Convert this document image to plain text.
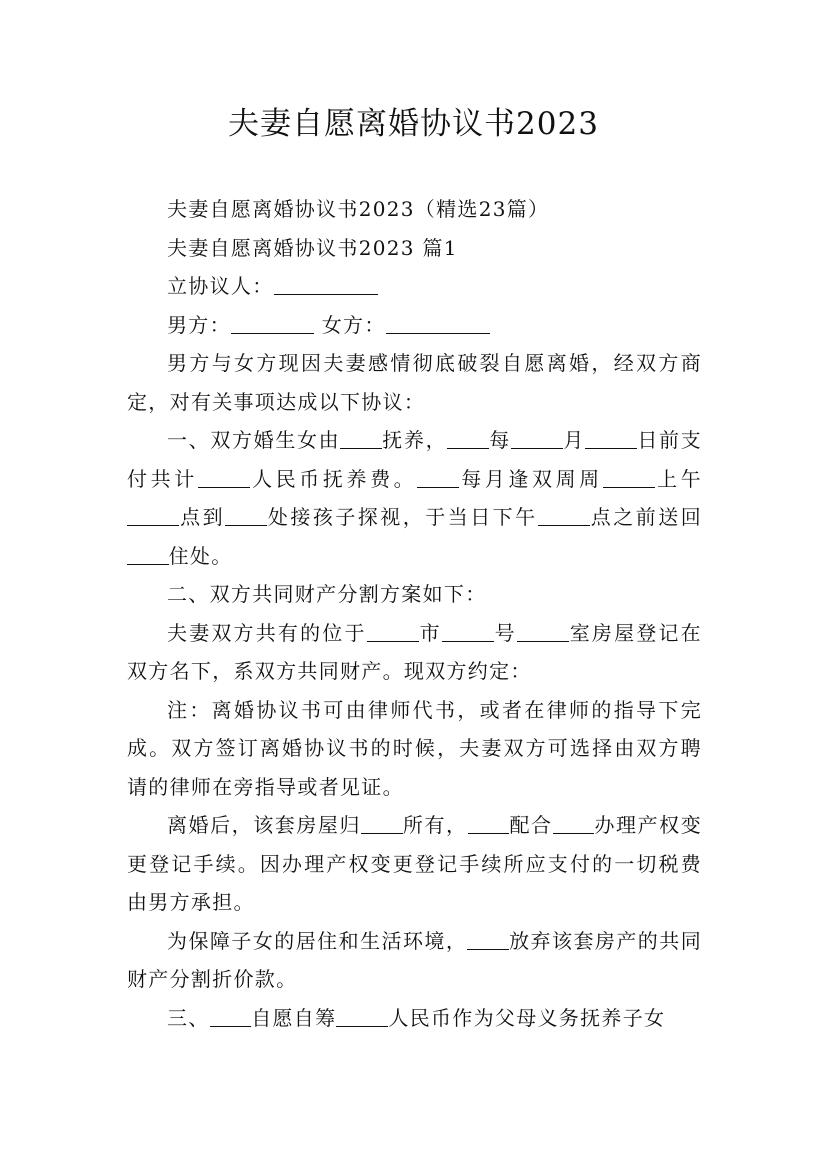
夫妻自愿离婚协议书2023

夫妻自愿离婚协议书2023（精选23篇）

夫妻自愿离婚协议书2023 篇1

立协议人：

男方：	女方：

男方与女方现因夫妻感情彻底破裂自愿离婚，经双方商定，对有关事项达成以下协议：

一、双方婚生女由 抚养， 每	月	日前支付共计	人民币抚养费。 每月逢双周周	上午点到 处接孩子探视，于当日下午	点之前送回住处。

二、双方共同财产分割方案如下：

夫妻双方共有的位于	市	号	室房屋登记在双方名下，系双方共同财产。现双方约定：

注：离婚协议书可由律师代书，或者在律师的指导下完成。双方签订离婚协议书的时候，夫妻双方可选择由双方聘请的律师在旁指导或者见证。

离婚后，该套房屋归 所有， 配合 办理产权变更登记手续。因办理产权变更登记手续所应支付的一切税费由男方承担。

为保障子女的居住和生活环境， 放弃该套房产的共同财产分割折价款。

三、 自愿自筹	人民币作为父母义务抚养子女
